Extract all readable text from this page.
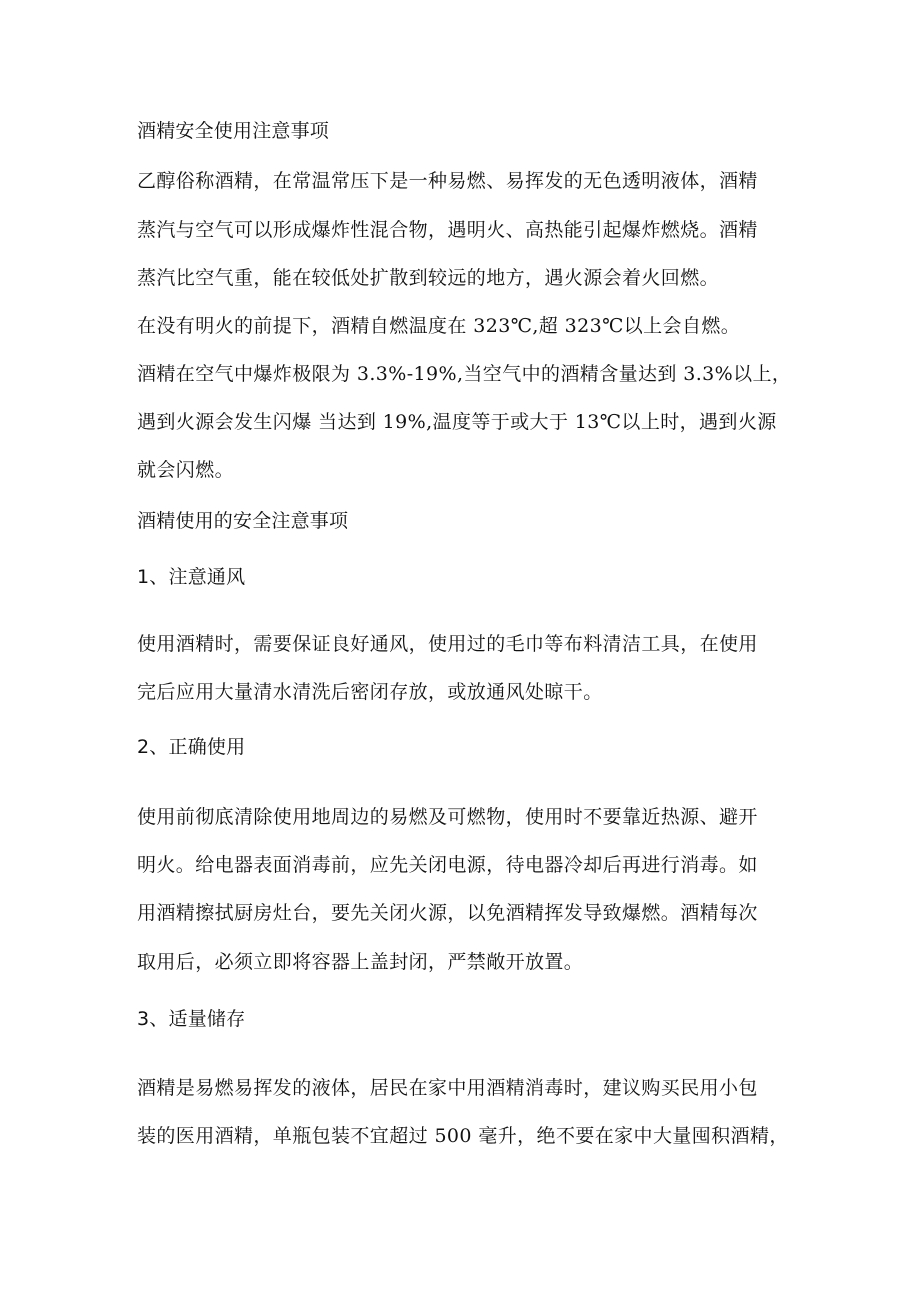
酒精安全使用注意事项
乙醇俗称酒精，在常温常压下是一种易燃、易挥发的无色透明液体，酒精
蒸汽与空气可以形成爆炸性混合物，遇明火、高热能引起爆炸燃烧。酒精
蒸汽比空气重，能在较低处扩散到较远的地方，遇火源会着火回燃。
在没有明火的前提下，酒精自燃温度在 323℃,超 323℃以上会自燃。
酒精在空气中爆炸极限为 3.3%-19%,当空气中的酒精含量达到 3.3%以上，
遇到火源会发生闪爆 当达到 19%,温度等于或大于 13℃以上时，遇到火源
就会闪燃。
酒精使用的安全注意事项
1、注意通风
使用酒精时，需要保证良好通风，使用过的毛巾等布料清洁工具，在使用
完后应用大量清水清洗后密闭存放，或放通风处晾干。
2、正确使用
使用前彻底清除使用地周边的易燃及可燃物，使用时不要靠近热源、避开
明火。给电器表面消毒前，应先关闭电源，待电器冷却后再进行消毒。如
用酒精擦拭厨房灶台，要先关闭火源，以免酒精挥发导致爆燃。酒精每次
取用后，必须立即将容器上盖封闭，严禁敞开放置。
3、适量储存
酒精是易燃易挥发的液体，居民在家中用酒精消毒时，建议购买民用小包
装的医用酒精，单瓶包装不宜超过 500 毫升，绝不要在家中大量囤积酒精，
